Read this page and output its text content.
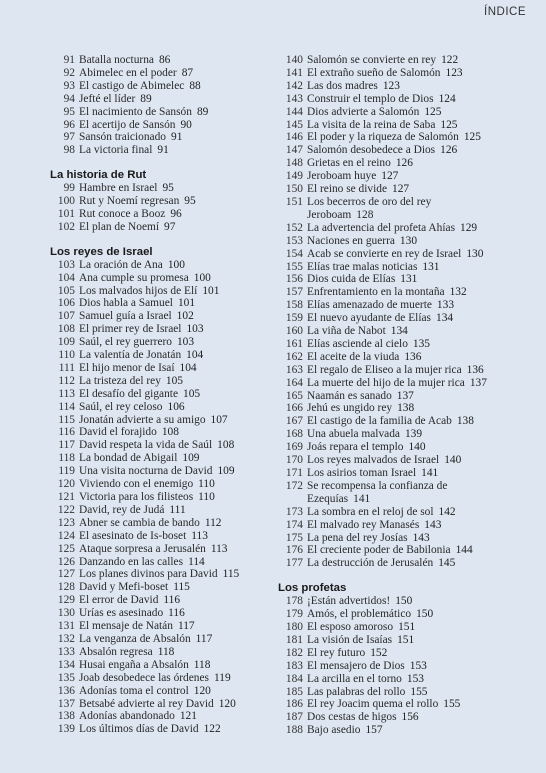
ÍNDICE
91 Batalla nocturna 86
92 Abimelec en el poder 87
93 El castigo de Abimelec 88
94 Jefté el líder 89
95 El nacimiento de Sansón 89
96 El acertijo de Sansón 90
97 Sansón traicionado 91
98 La victoria final 91
La historia de Rut
99 Hambre en Israel 95
100 Rut y Noemí regresan 95
101 Rut conoce a Booz 96
102 El plan de Noemí 97
Los reyes de Israel
103 La oración de Ana 100
104 Ana cumple su promesa 100
105 Los malvados hijos de Elí 101
106 Dios habla a Samuel 101
107 Samuel guía a Israel 102
108 El primer rey de Israel 103
109 Saúl, el rey guerrero 103
110 La valentía de Jonatán 104
111 El hijo menor de Isaí 104
112 La tristeza del rey 105
113 El desafío del gigante 105
114 Saúl, el rey celoso 106
115 Jonatán advierte a su amigo 107
116 David el forajido 108
117 David respeta la vida de Saúl 108
118 La bondad de Abigail 109
119 Una visita nocturna de David 109
120 Viviendo con el enemigo 110
121 Victoria para los filisteos 110
122 David, rey de Judá 111
123 Abner se cambia de bando 112
124 El asesinato de Is-boset 113
125 Ataque sorpresa a Jerusalén 113
126 Danzando en las calles 114
127 Los planes divinos para David 115
128 David y Mefi-boset 115
129 El error de David 116
130 Urías es asesinado 116
131 El mensaje de Natán 117
132 La venganza de Absalón 117
133 Absalón regresa 118
134 Husai engaña a Absalón 118
135 Joab desobedece las órdenes 119
136 Adonías toma el control 120
137 Betsabé advierte al rey David 120
138 Adonías abandonado 121
139 Los últimos días de David 122
140 Salomón se convierte en rey 122
141 El extraño sueño de Salomón 123
142 Las dos madres 123
143 Construir el templo de Dios 124
144 Dios advierte a Salomón 125
145 La visita de la reina de Saba 125
146 El poder y la riqueza de Salomón 125
147 Salomón desobedece a Dios 126
148 Grietas en el reino 126
149 Jeroboam huye 127
150 El reino se divide 127
151 Los becerros de oro del rey
Jeroboam 128
152 La advertencia del profeta Ahías 129
153 Naciones en guerra 130
154 Acab se convierte en rey de Israel 130
155 Elías trae malas noticias 131
156 Dios cuida de Elías 131
157 Enfrentamiento en la montaña 132
158 Elías amenazado de muerte 133
159 El nuevo ayudante de Elías 134
160 La viña de Nabot 134
161 Elías asciende al cielo 135
162 El aceite de la viuda 136
163 El regalo de Eliseo a la mujer rica 136
164 La muerte del hijo de la mujer rica 137
165 Naamán es sanado 137
166 Jehú es ungido rey 138
167 El castigo de la familia de Acab 138
168 Una abuela malvada 139
169 Joás repara el templo 140
170 Los reyes malvados de Israel 140
171 Los asirios toman Israel 141
172 Se recompensa la confianza de
Ezequías 141
173 La sombra en el reloj de sol 142
174 El malvado rey Manasés 143
175 La pena del rey Josías 143
176 El creciente poder de Babilonia 144
177 La destrucción de Jerusalén 145
Los profetas
178 ¡Están advertidos! 150
179 Amós, el problemático 150
180 El esposo amoroso 151
181 La visión de Isaías 151
182 El rey futuro 152
183 El mensajero de Dios 153
184 La arcilla en el torno 153
185 Las palabras del rollo 155
186 El rey Joacim quema el rollo 155
187 Dos cestas de higos 156
188 Bajo asedio 157
